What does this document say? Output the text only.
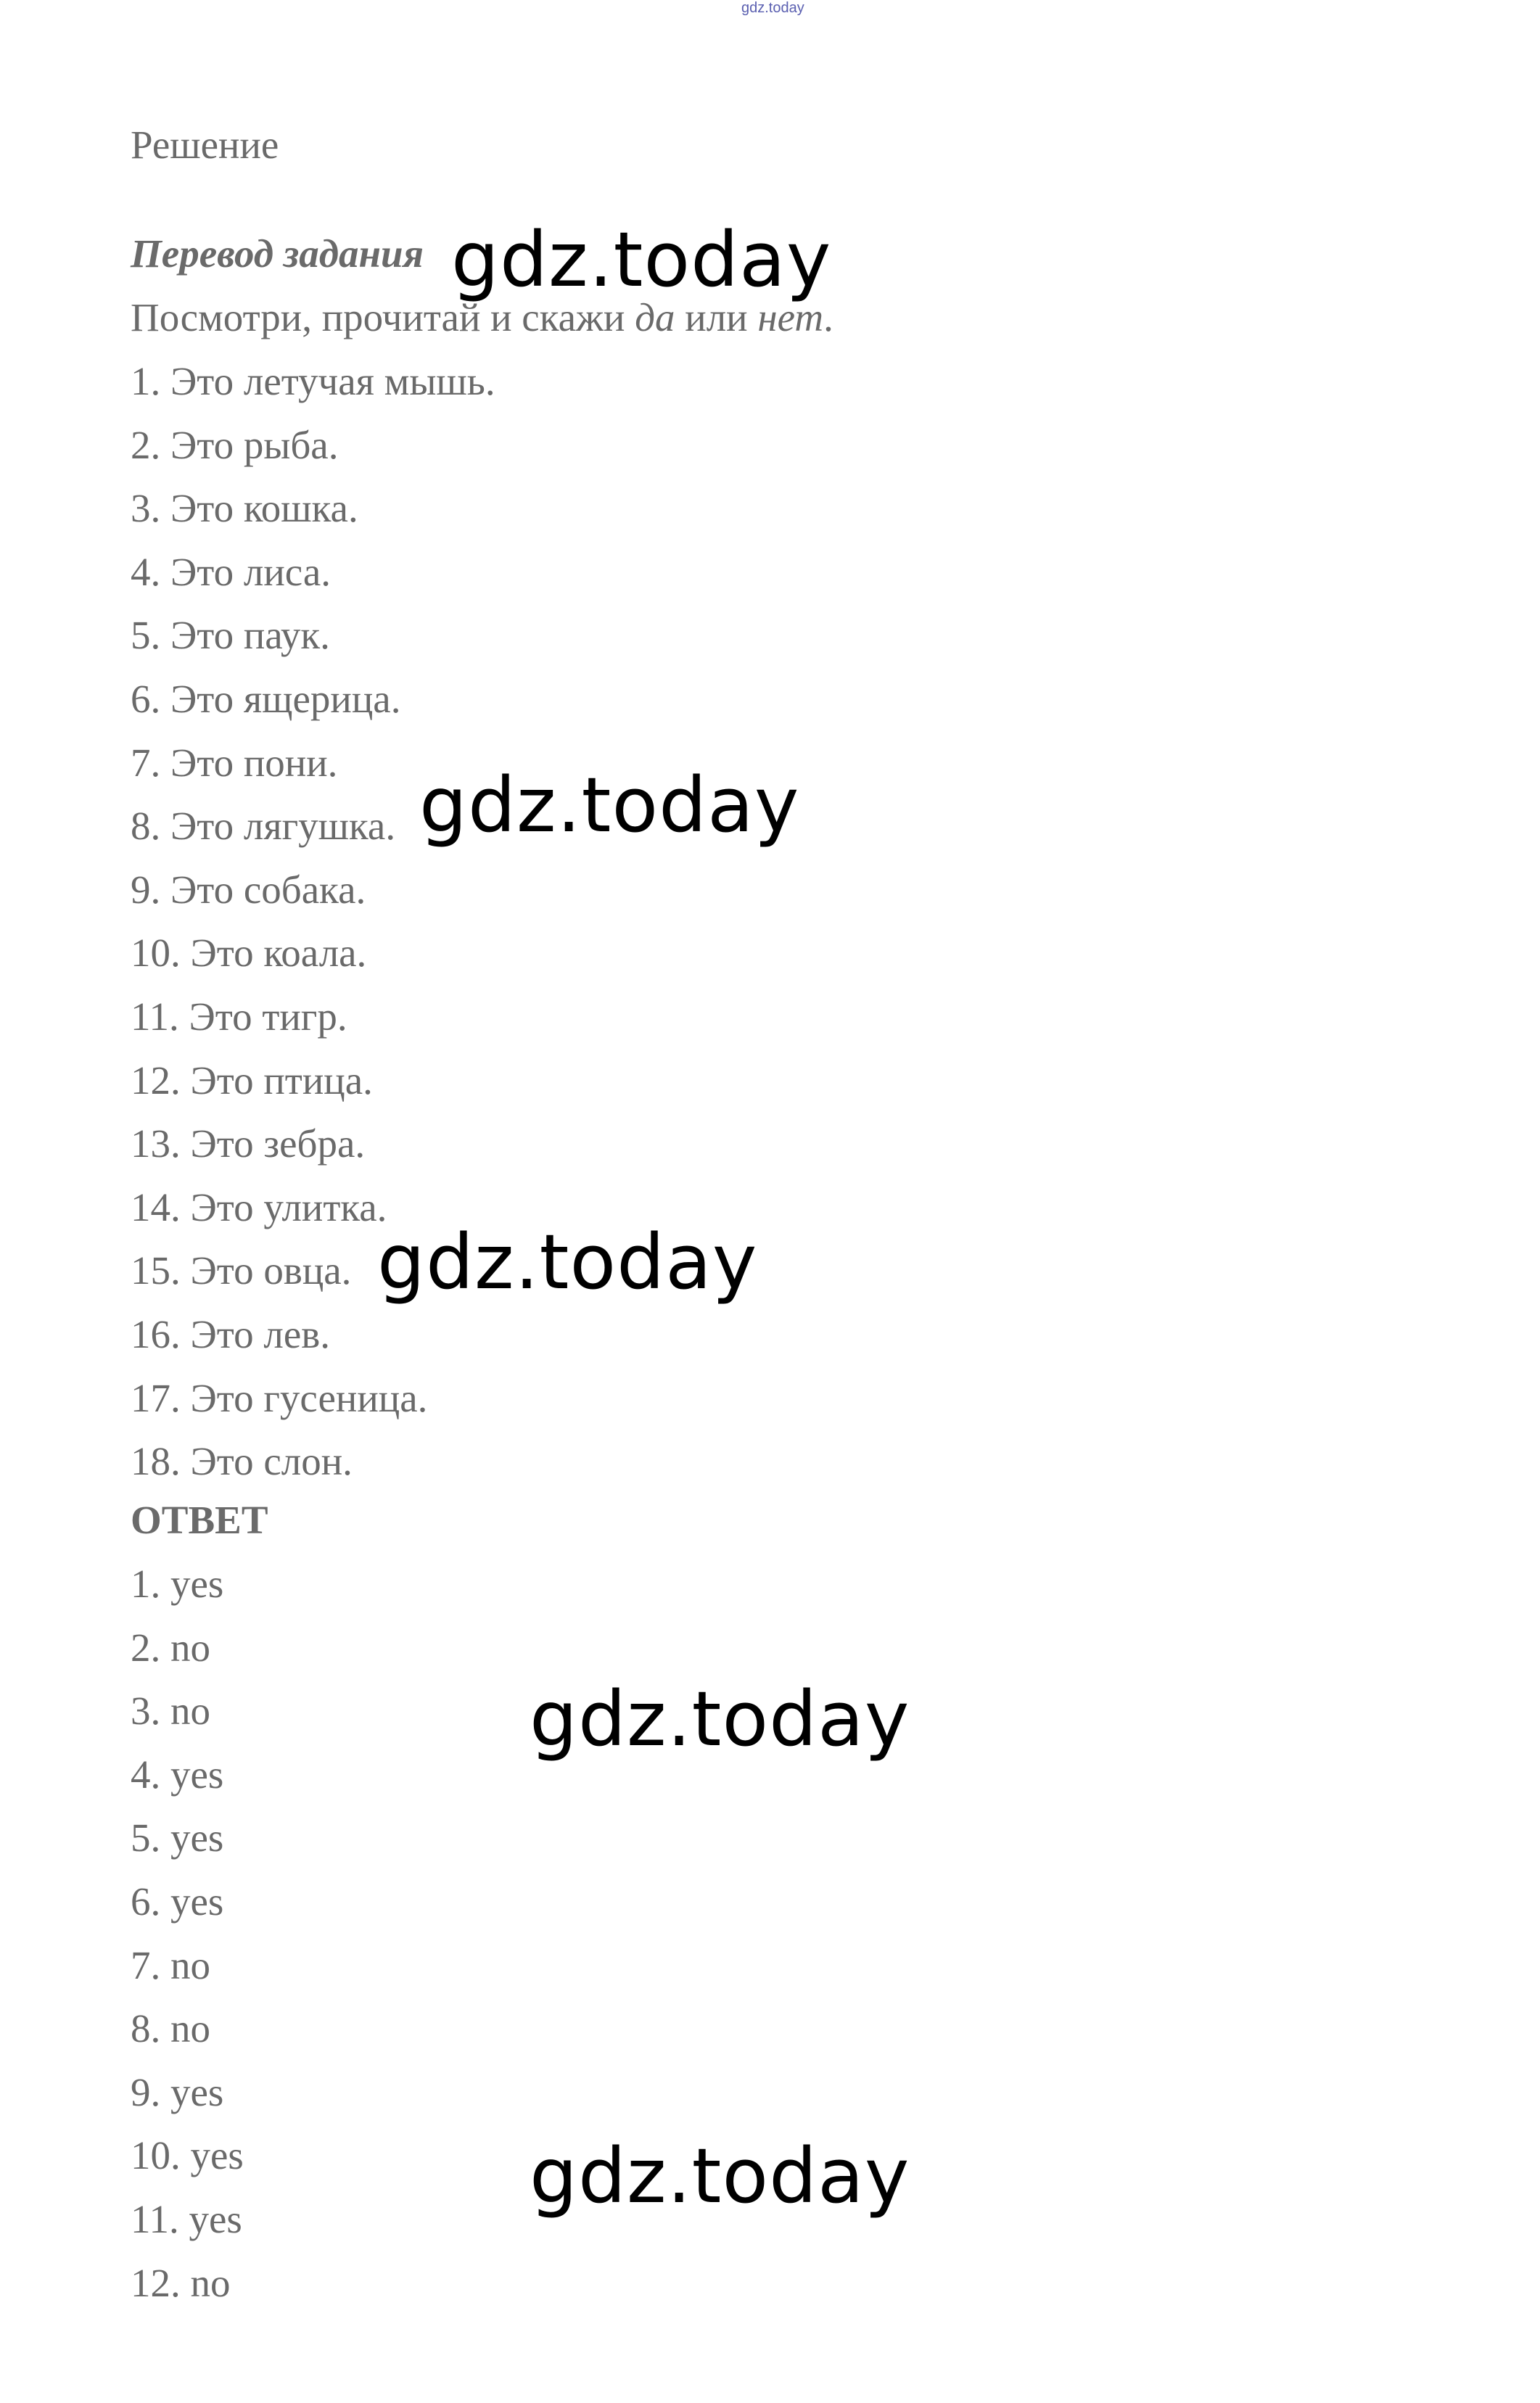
gdz.today
Решение
Перевод задания
Посмотри, прочитай и скажи да или нет.
1. Это летучая мышь.
2. Это рыба.
3. Это кошка.
4. Это лиса.
5. Это паук.
6. Это ящерица.
7. Это пони.
8. Это лягушка.
9. Это собака.
10. Это коала.
11. Это тигр.
12. Это птица.
13. Это зебра.
14. Это улитка.
15. Это овца.
16. Это лев.
17. Это гусеница.
18. Это слон.
ОТВЕТ
1. yes
2. no
3. no
4. yes
5. yes
6. yes
7. no
8. no
9. yes
10. yes
11. yes
12. no
gdz.today
gdz.today
gdz.today
gdz.today
gdz.today
